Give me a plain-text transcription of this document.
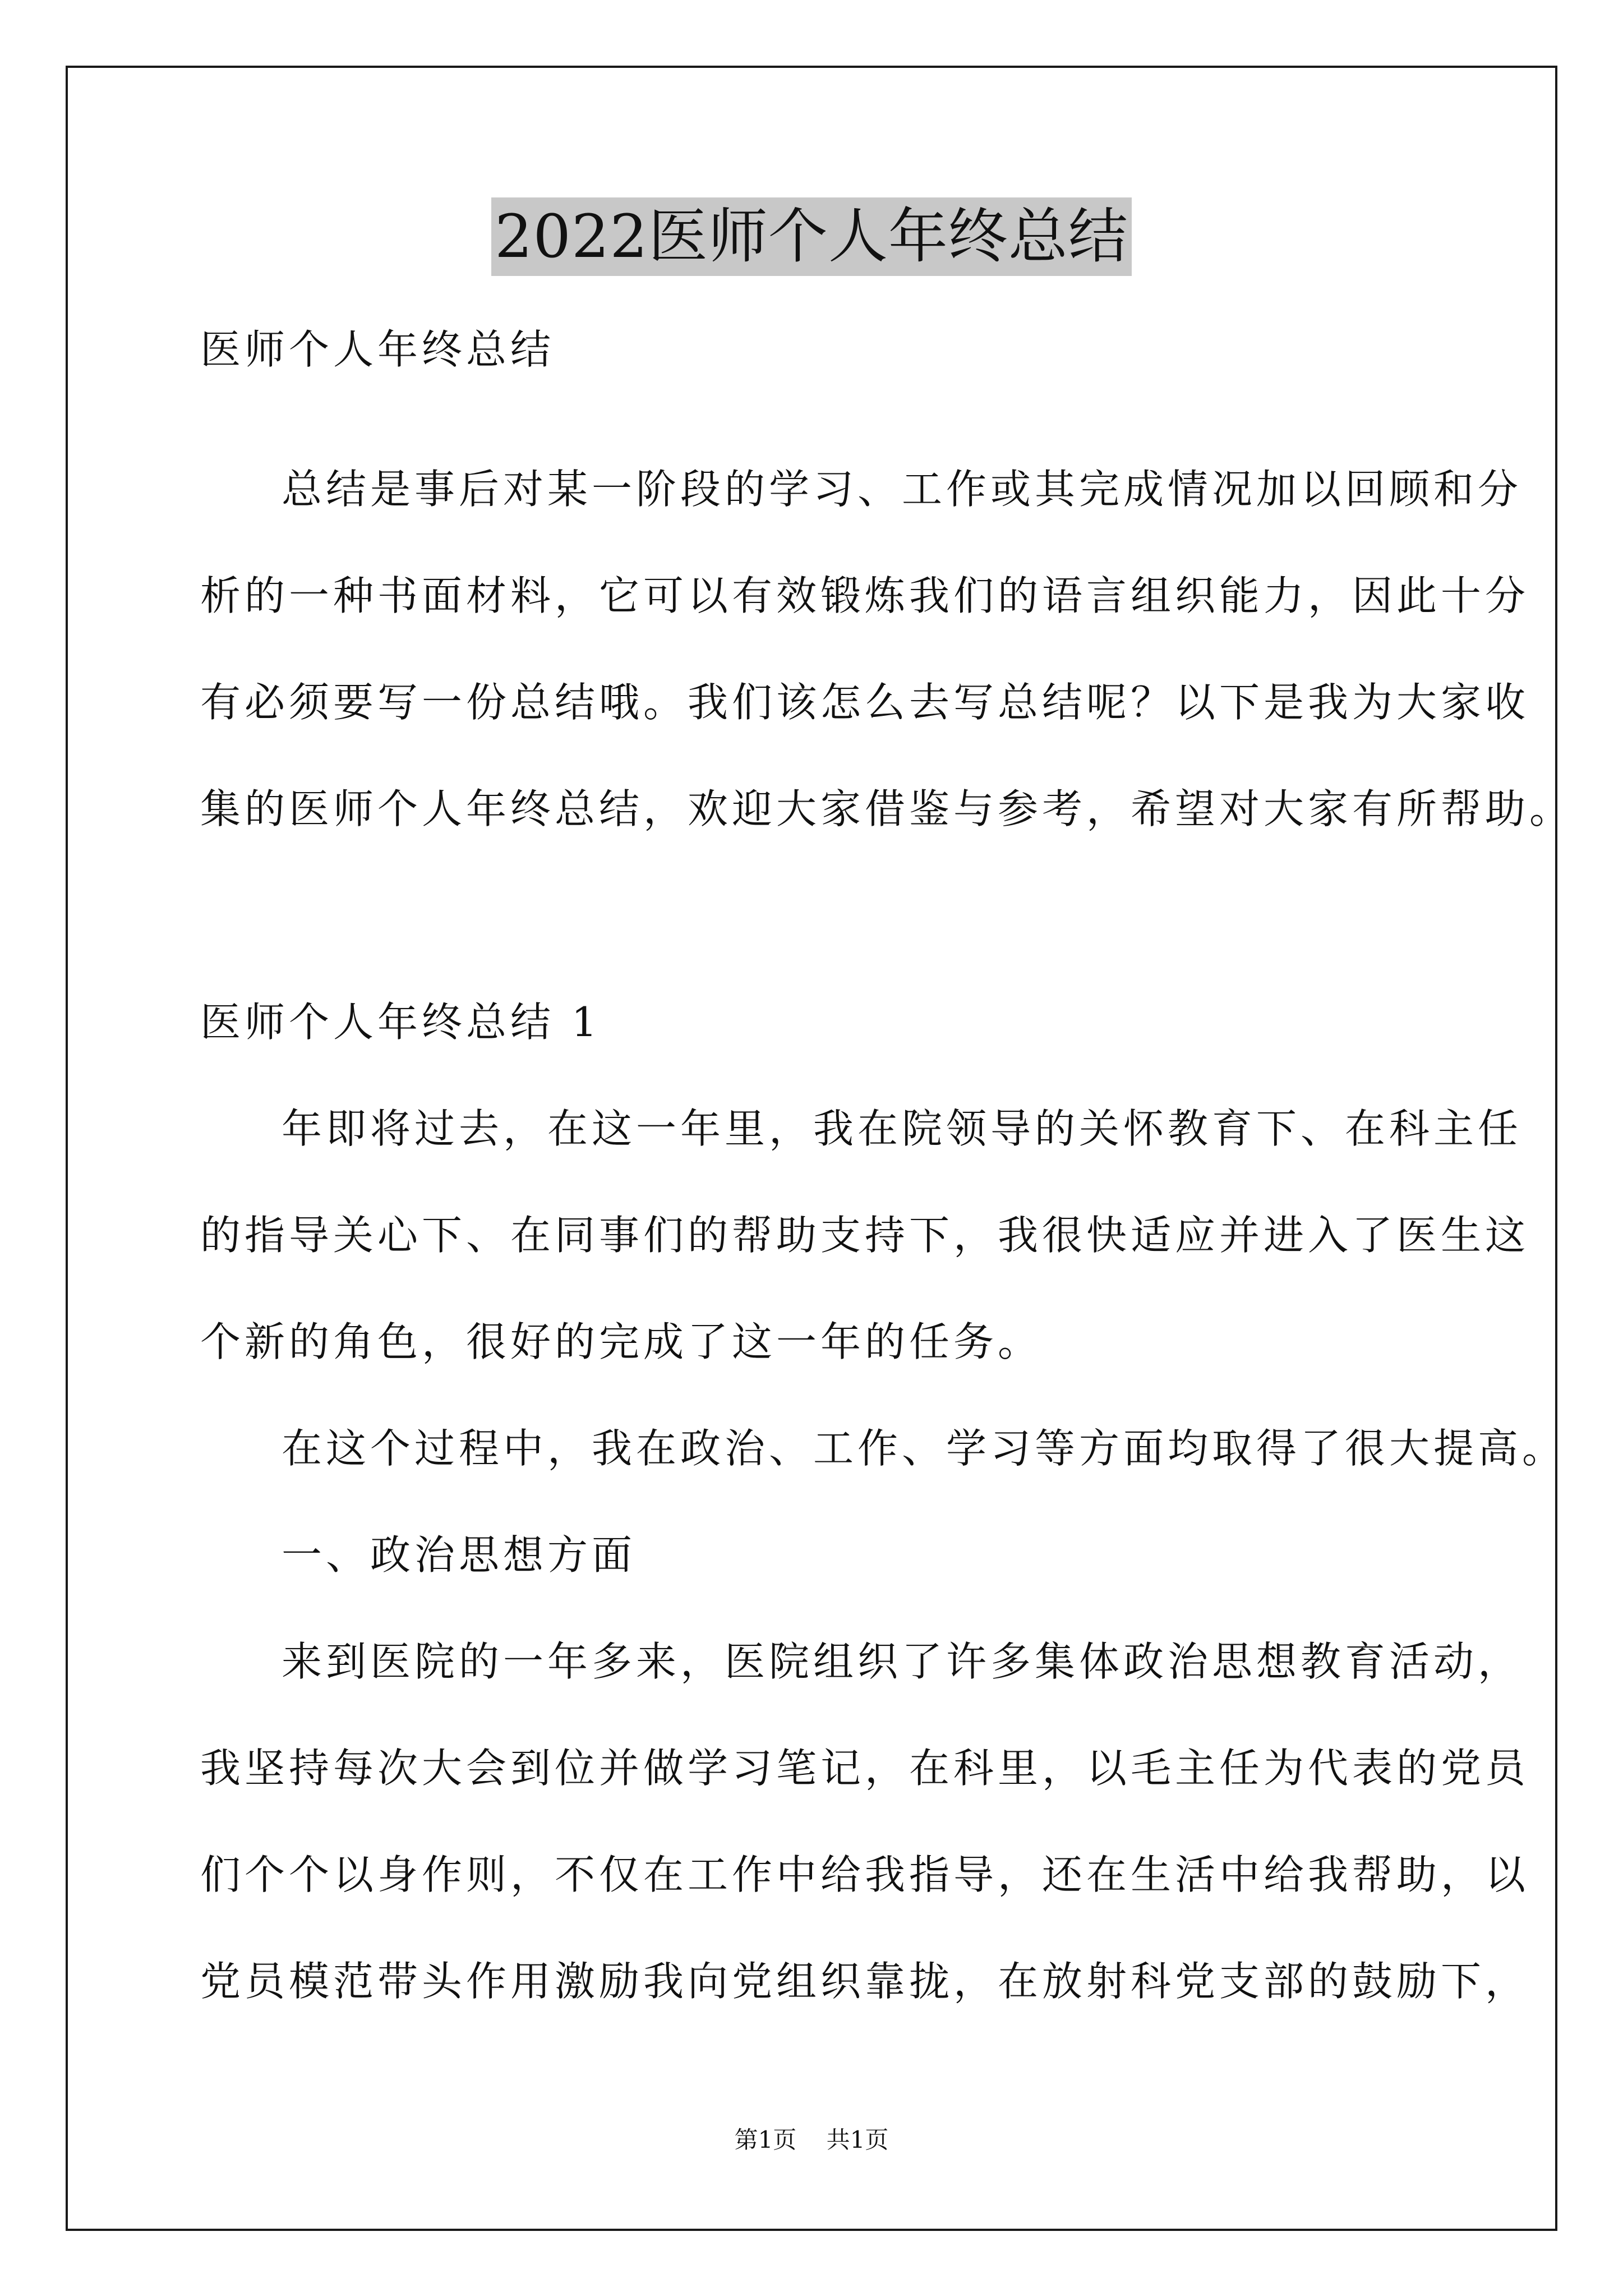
2022医师个人年终总结
医师个人年终总结
总结是事后对某一阶段的学习、工作或其完成情况加以回顾和分
析的一种书面材料，它可以有效锻炼我们的语言组织能力，因此十分
有必须要写一份总结哦。我们该怎么去写总结呢？以下是我为大家收
集的医师个人年终总结，欢迎大家借鉴与参考，希望对大家有所帮助。
医师个人年终总结 1
年即将过去，在这一年里，我在院领导的关怀教育下、在科主任
的指导关心下、在同事们的帮助支持下，我很快适应并进入了医生这
个新的角色，很好的完成了这一年的任务。
在这个过程中，我在政治、工作、学习等方面均取得了很大提高。
一、政治思想方面
来到医院的一年多来，医院组织了许多集体政治思想教育活动，
我坚持每次大会到位并做学习笔记，在科里，以毛主任为代表的党员
们个个以身作则，不仅在工作中给我指导，还在生活中给我帮助，以
党员模范带头作用激励我向党组织靠拢，在放射科党支部的鼓励下，
第1页 共1页
